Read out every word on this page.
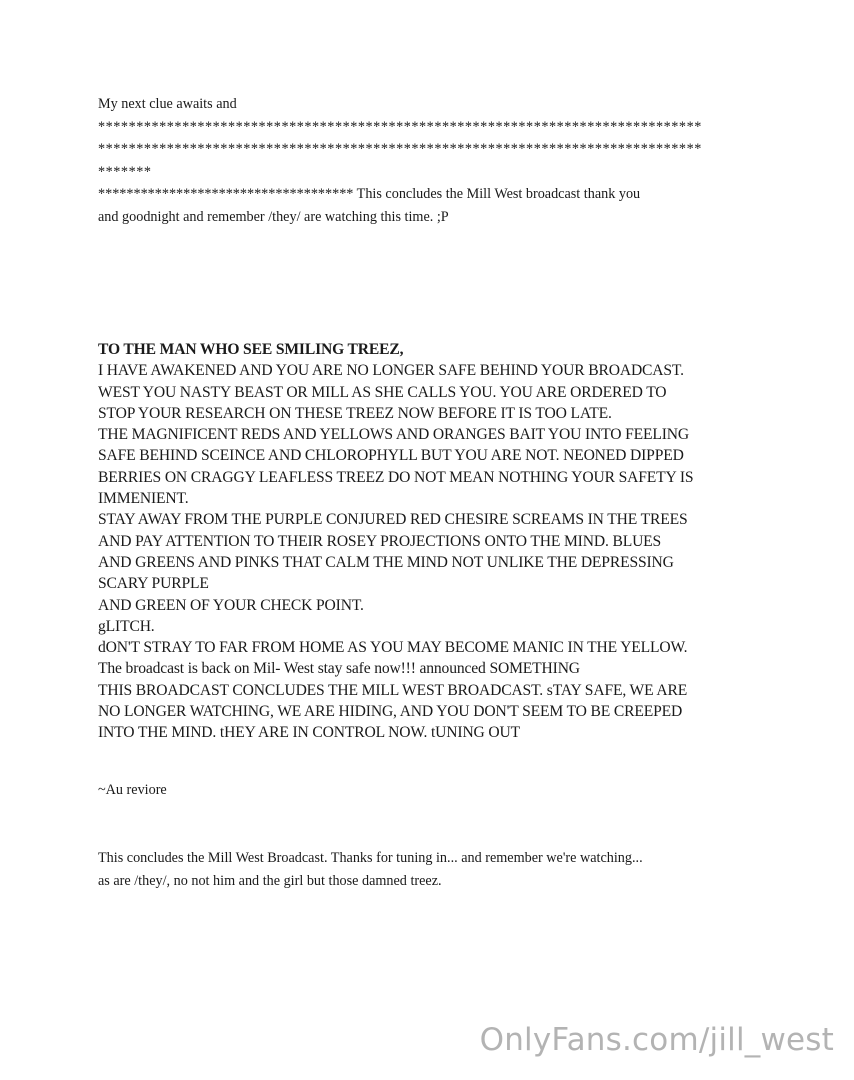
My next clue awaits and
*******************************************************************************
*******************************************************************************
*******
************************************ This concludes the Mill West broadcast thank you
and goodnight and remember /they/ are watching this time. ;P
TO THE MAN WHO SEE SMILING TREEZ,
I HAVE AWAKENED AND YOU ARE NO LONGER SAFE BEHIND YOUR BROADCAST.
WEST YOU NASTY BEAST OR MILL AS SHE CALLS YOU. YOU ARE ORDERED TO
STOP YOUR RESEARCH ON THESE TREEZ NOW BEFORE IT IS TOO LATE.
THE MAGNIFICENT REDS AND YELLOWS AND ORANGES BAIT YOU INTO FEELING
SAFE BEHIND SCEINCE AND CHLOROPHYLL BUT YOU ARE NOT. NEONED DIPPED
BERRIES ON CRAGGY LEAFLESS TREEZ DO NOT MEAN NOTHING YOUR SAFETY IS
IMMENIENT.
STAY AWAY FROM THE PURPLE CONJURED RED CHESIRE SCREAMS IN THE TREES
AND PAY ATTENTION TO THEIR ROSEY PROJECTIONS ONTO THE MIND. BLUES
AND GREENS AND PINKS THAT CALM THE MIND NOT UNLIKE THE DEPRESSING
SCARY PURPLE
AND GREEN OF YOUR CHECK POINT.
gLITCH.
dON'T STRAY TO FAR FROM HOME AS YOU MAY BECOME MANIC IN THE YELLOW.
The broadcast is back on Mil- West stay safe now!!! announced SOMETHING
THIS BROADCAST CONCLUDES THE MILL WEST BROADCAST. sTAY SAFE, WE ARE
NO LONGER WATCHING, WE ARE HIDING, AND YOU DON'T SEEM TO BE CREEPED
INTO THE MIND. tHEY ARE IN CONTROL NOW. tUNING OUT
~Au reviore
This concludes the Mill West Broadcast. Thanks for tuning in... and remember we're watching...
as are /they/, no not him and the girl but those damned treez.
OnlyFans.com/jill_west
